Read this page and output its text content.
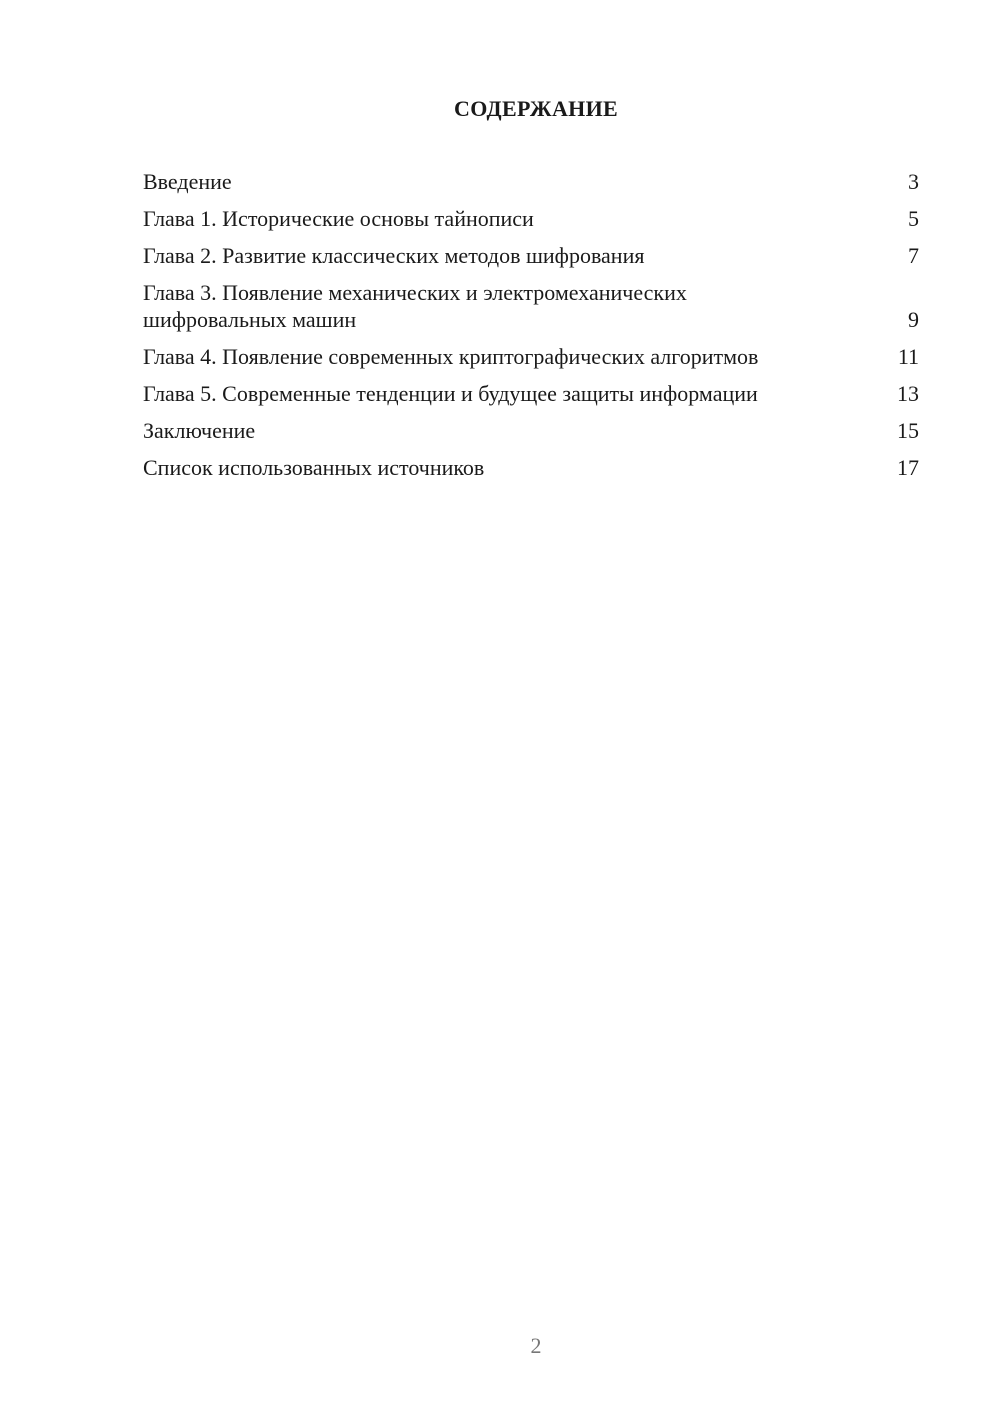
СОДЕРЖАНИЕ
Введение	3
Глава 1. Исторические основы тайнописи	5
Глава 2. Развитие классических методов шифрования	7
Глава 3. Появление механических и электромеханических шифровальных машин	9
Глава 4. Появление современных криптографических алгоритмов	11
Глава 5. Современные тенденции и будущее защиты информации	13
Заключение	15
Список использованных источников	17
2
